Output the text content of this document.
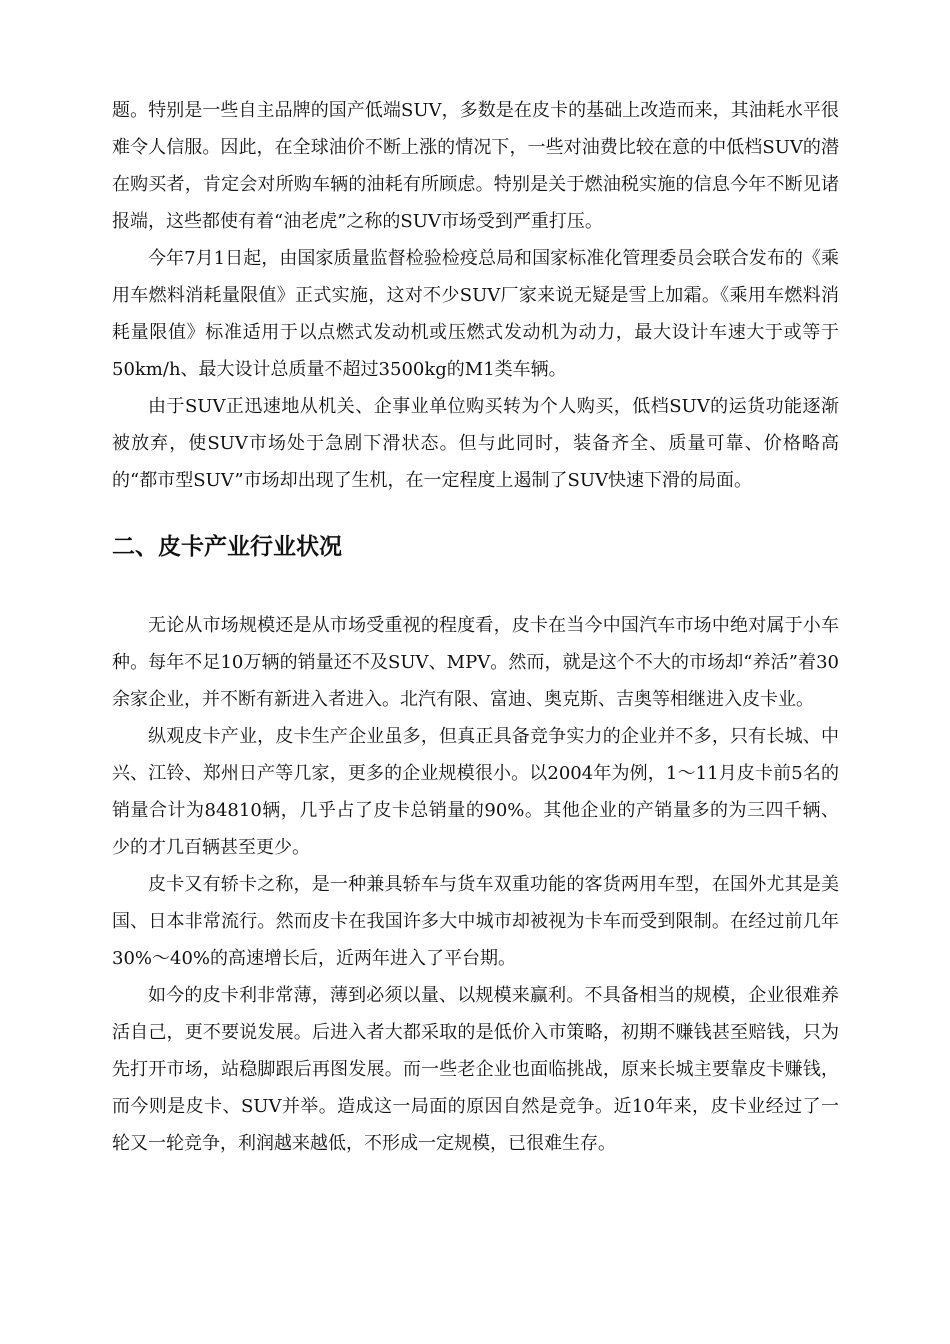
题。特别是一些自主品牌的国产低端SUV，多数是在皮卡的基础上改造而来，其油耗水平很难令人信服。因此，在全球油价不断上涨的情况下，一些对油费比较在意的中低档SUV的潜在购买者，肯定会对所购车辆的油耗有所顾虑。特别是关于燃油税实施的信息今年不断见诸报端，这些都使有着“油老虎”之称的SUV市场受到严重打压。

今年7月1日起，由国家质量监督检验检疫总局和国家标准化管理委员会联合发布的《乘用车燃料消耗量限值》正式实施，这对不少SUV厂家来说无疑是雪上加霜。《乘用车燃料消耗量限值》标准适用于以点燃式发动机或压燃式发动机为动力，最大设计车速大于或等于50km/h、最大设计总质量不超过3500kg的M1类车辆。

由于SUV正迅速地从机关、企事业单位购买转为个人购买，低档SUV的运货功能逐渐被放弃，使SUV市场处于急剧下滑状态。但与此同时，装备齐全、质量可靠、价格略高的“都市型SUV”市场却出现了生机，在一定程度上遏制了SUV快速下滑的局面。

二、皮卡产业行业状况

无论从市场规模还是从市场受重视的程度看，皮卡在当今中国汽车市场中绝对属于小车种。每年不足10万辆的销量还不及SUV、MPV。然而，就是这个不大的市场却“养活”着30余家企业，并不断有新进入者进入。北汽有限、富迪、奥克斯、吉奥等相继进入皮卡业。

纵观皮卡产业，皮卡生产企业虽多，但真正具备竞争实力的企业并不多，只有长城、中兴、江铃、郑州日产等几家，更多的企业规模很小。以2004年为例，1～11月皮卡前5名的销量合计为84810辆，几乎占了皮卡总销量的90%。其他企业的产销量多的为三四千辆、少的才几百辆甚至更少。

皮卡又有轿卡之称，是一种兼具轿车与货车双重功能的客货两用车型，在国外尤其是美国、日本非常流行。然而皮卡在我国许多大中城市却被视为卡车而受到限制。在经过前几年30%～40%的高速增长后，近两年进入了平台期。

如今的皮卡利非常薄，薄到必须以量、以规模来赢利。不具备相当的规模，企业很难养活自己，更不要说发展。后进入者大都采取的是低价入市策略，初期不赚钱甚至赔钱，只为先打开市场，站稳脚跟后再图发展。而一些老企业也面临挑战，原来长城主要靠皮卡赚钱，而今则是皮卡、SUV并举。造成这一局面的原因自然是竞争。近10年来，皮卡业经过了一轮又一轮竞争，利润越来越低，不形成一定规模，已很难生存。
